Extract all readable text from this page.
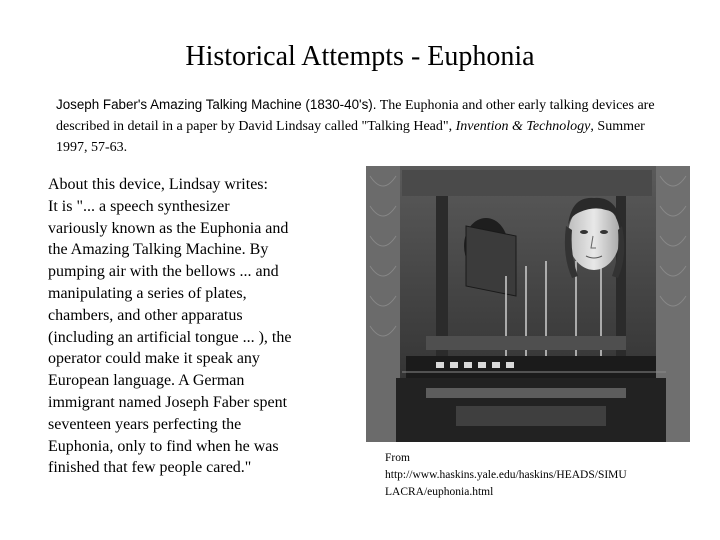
Historical Attempts - Euphonia
Joseph Faber's Amazing Talking Machine (1830-40's). The Euphonia and other early talking devices are described in detail in a paper by David Lindsay called "Talking Head", Invention & Technology, Summer 1997, 57-63.
About this device, Lindsay writes:
It is "... a speech synthesizer
variously known as the Euphonia and
the Amazing Talking Machine. By
pumping air with the bellows ... and
manipulating a series of plates,
chambers, and other apparatus
(including an artificial tongue ... ), the
operator could make it speak any
European language. A German
immigrant named Joseph Faber spent
seventeen years perfecting the
Euphonia, only to find when he was
finished that few people cared."
From
http://www.haskins.yale.edu/haskins/HEADS/SIMU
LACRA/euphonia.html
